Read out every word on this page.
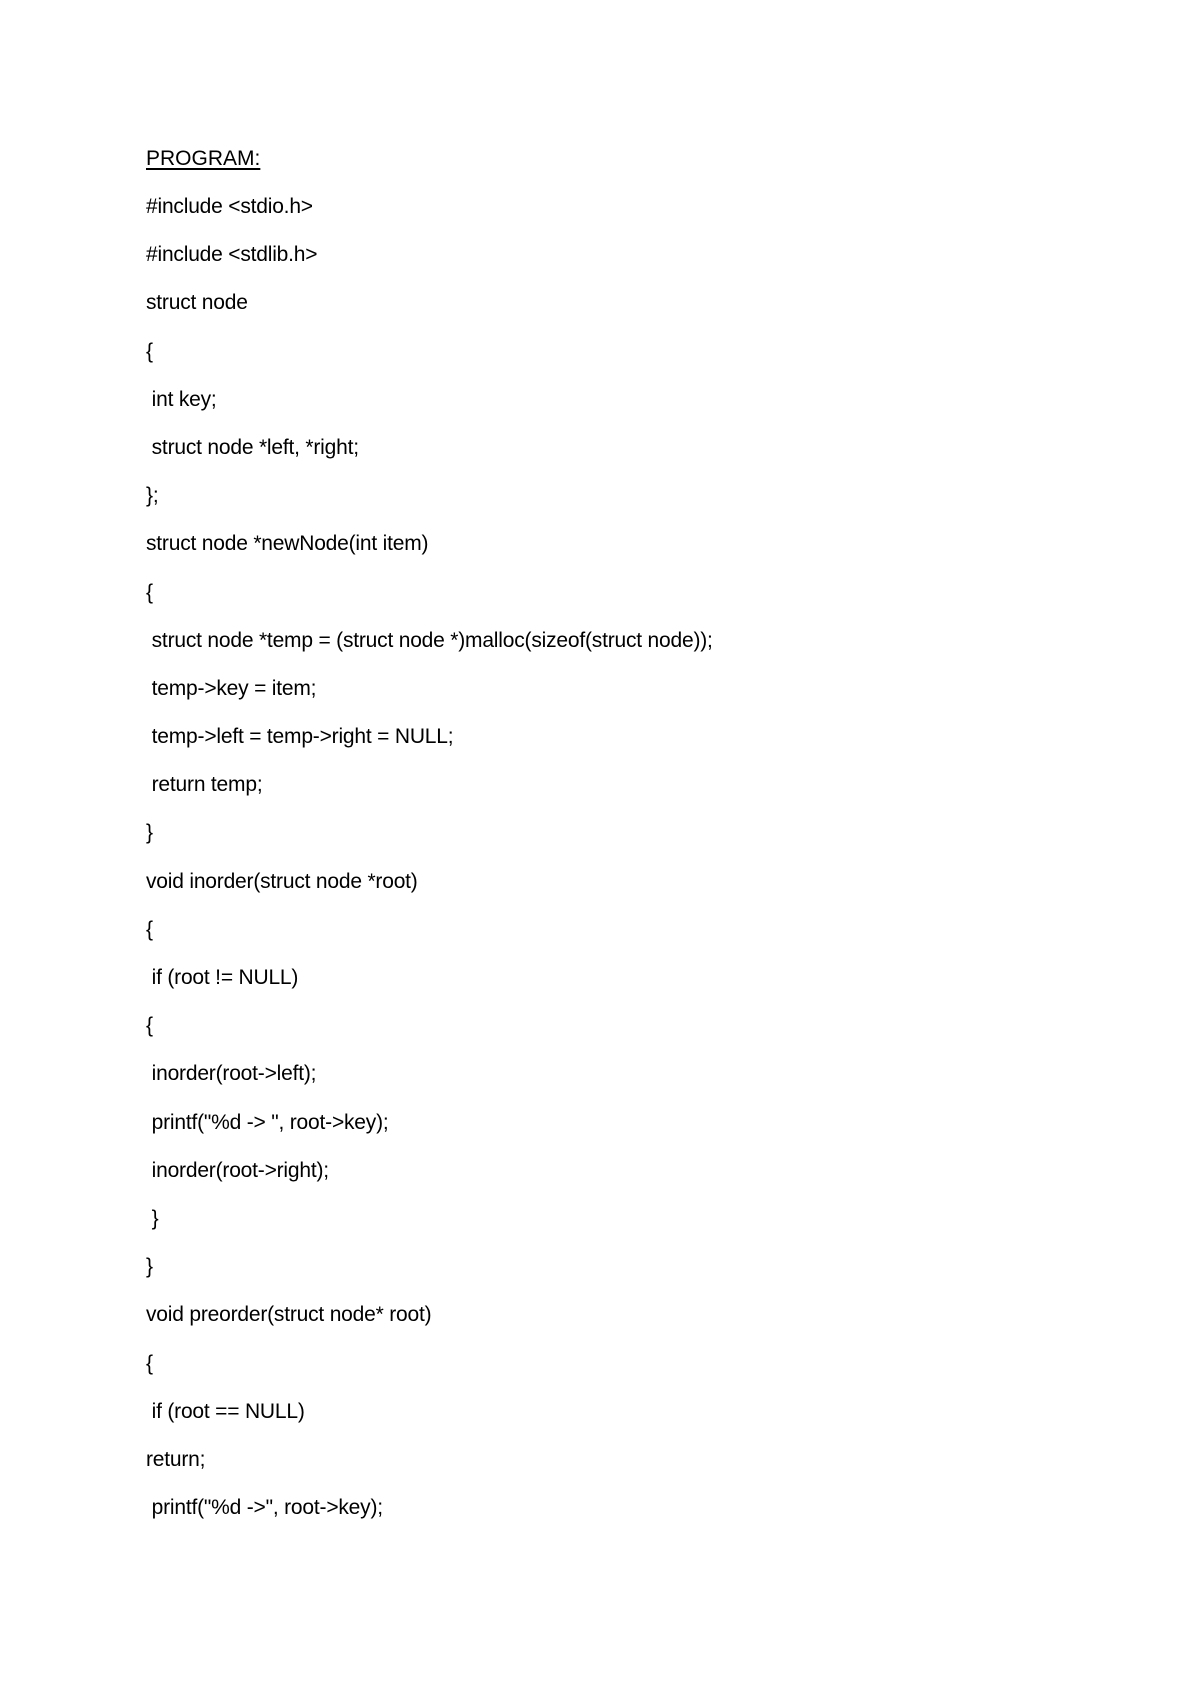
PROGRAM:
#include <stdio.h>
#include <stdlib.h>
struct node
{
int key;
struct node *left, *right;
};
struct node *newNode(int item)
{
struct node *temp = (struct node *)malloc(sizeof(struct node));
temp->key = item;
temp->left = temp->right = NULL;
return temp;
}
void inorder(struct node *root)
{
if (root != NULL)
{
inorder(root->left);
printf("%d -> ", root->key);
inorder(root->right);
}
}
void preorder(struct node* root)
{
if (root == NULL)
return;
printf("%d ->", root->key);
